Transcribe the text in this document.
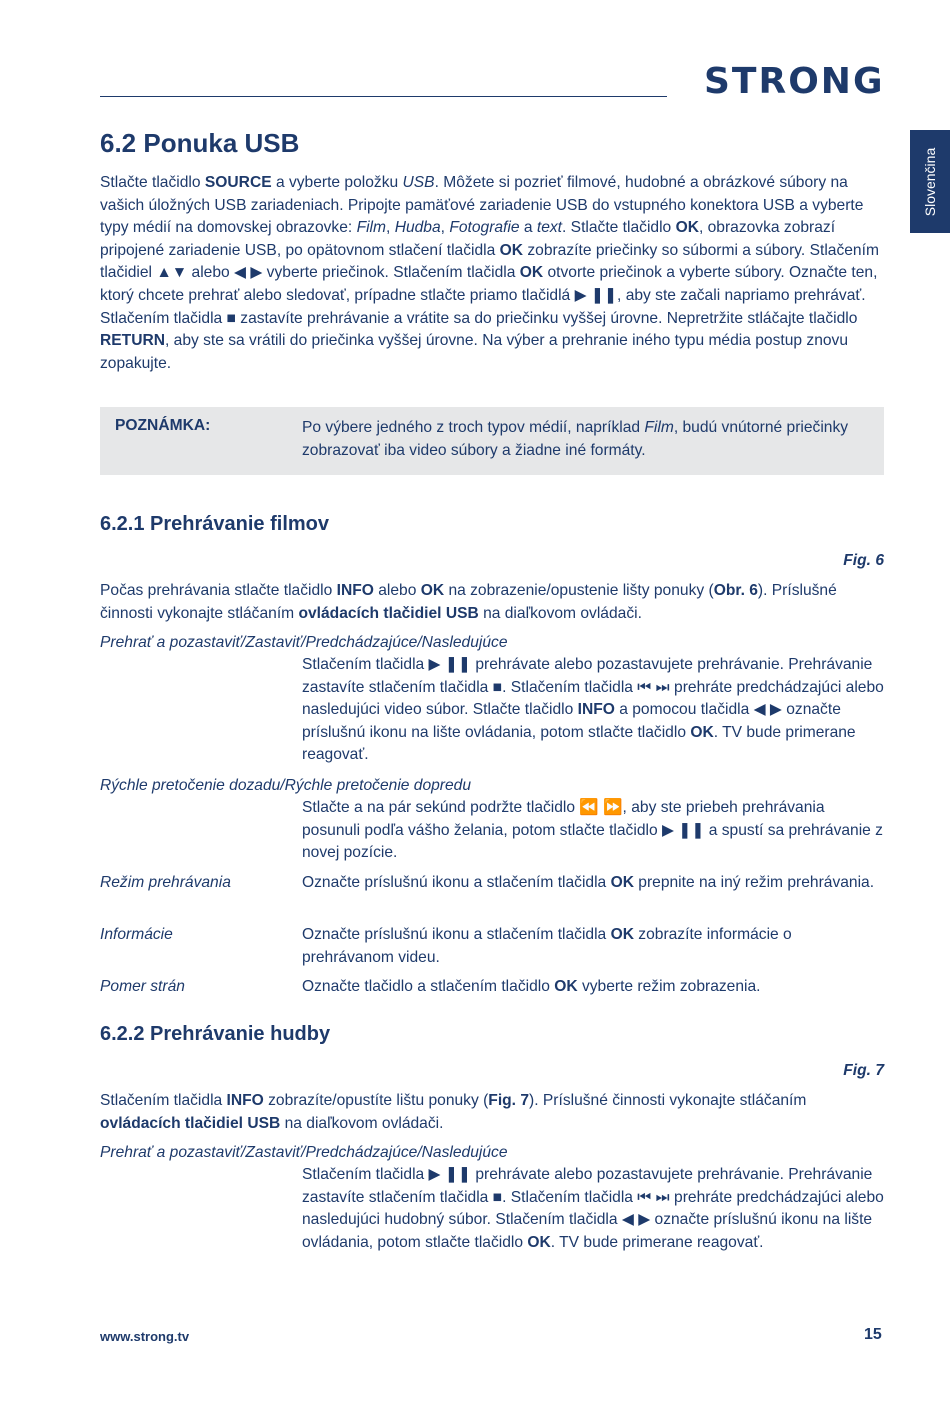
STRONG
Slovenčina
6.2 Ponuka USB
Stlačte tlačidlo SOURCE a vyberte položku USB. Môžete si pozrieť filmové, hudobné a obrázkové súbory na vašich úložných USB zariadeniach. Pripojte pamäťové zariadenie USB do vstupného konektora USB a vyberte typy médií na domovskej obrazovke: Film, Hudba, Fotografie a text. Stlačte tlačidlo OK, obrazovka zobrazí pripojené zariadenie USB, po opätovnom stlačení tlačidla OK zobrazíte priečinky so súbormi a súbory. Stlačením tlačidiel ▲▼ alebo ◀ ▶ vyberte priečinok. Stlačením tlačidla OK otvorte priečinok a vyberte súbory. Označte ten, ktorý chcete prehrať alebo sledovať, prípadne stlačte priamo tlačidlá ▶ ❚❚, aby ste začali napriamo prehrávať. Stlačením tlačidla ■ zastavíte prehrávanie a vrátite sa do priečinku vyššej úrovne. Nepretržite stláčajte tlačidlo RETURN, aby ste sa vrátili do priečinka vyššej úrovne. Na výber a prehranie iného typu média postup znovu zopakujte.
POZNÁMKA:	Po výbere jedného z troch typov médií, napríklad Film, budú vnútorné priečinky zobrazovať iba video súbory a žiadne iné formáty.
6.2.1 Prehrávanie filmov
Fig. 6
Počas prehrávania stlačte tlačidlo INFO alebo OK na zobrazenie/opustenie lišty ponuky (Obr. 6). Príslušné činnosti vykonajte stláčaním ovládacích tlačidiel USB na diaľkovom ovládači.
Prehrať a pozastaviť/Zastaviť/Predchádzajúce/Nasledujúce
Stlačením tlačidla ▶ ❚❚ prehrávate alebo pozastavujete prehrávanie. Prehrávanie zastavíte stlačením tlačidla ■. Stlačením tlačidla ⏮ ⏭ prehráte predchádzajúci alebo nasledujúci video súbor. Stlačte tlačidlo INFO a pomocou tlačidla ◀ ▶ označte príslušnú ikonu na lište ovládania, potom stlačte tlačidlo OK. TV bude primerane reagovať.
Rýchle pretočenie dozadu/Rýchle pretočenie dopredu
Stlačte a na pár sekúnd podržte tlačidlo ⏪ ⏩, aby ste priebeh prehrávania posunuli podľa vášho želania, potom stlačte tlačidlo ▶ ❚❚ a spustí sa prehrávanie z novej pozície.
Režim prehrávania	Označte príslušnú ikonu a stlačením tlačidla OK prepnite na iný režim prehrávania.
Informácie	Označte príslušnú ikonu a stlačením tlačidla OK zobrazíte informácie o prehrávanom videu.
Pomer strán	Označte tlačidlo a stlačením tlačidlo OK vyberte režim zobrazenia.
6.2.2 Prehrávanie hudby
Fig. 7
Stlačením tlačidla INFO zobrazíte/opustíte lištu ponuky (Fig. 7). Príslušné činnosti vykonajte stláčaním ovládacích tlačidiel USB na diaľkovom ovládači.
Prehrať a pozastaviť/Zastaviť/Predchádzajúce/Nasledujúce
Stlačením tlačidla ▶ ❚❚ prehrávate alebo pozastavujete prehrávanie. Prehrávanie zastavíte stlačením tlačidla ■. Stlačením tlačidla ⏮ ⏭ prehráte predchádzajúci alebo nasledujúci hudobný súbor. Stlačením tlačidla ◀ ▶ označte príslušnú ikonu na lište ovládania, potom stlačte tlačidlo OK. TV bude primerane reagovať.
www.strong.tv	15
